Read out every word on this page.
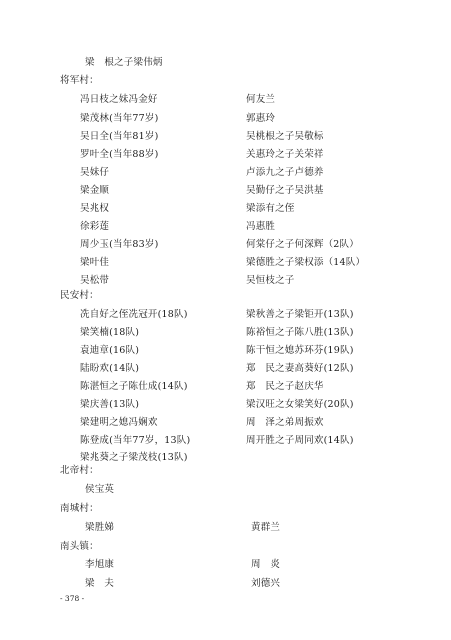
梁　根之子梁伟炳
将军村：
冯日枝之妹冯金好	何友兰
梁茂林(当年77岁)	郭惠玲
吴日全(当年81岁)	吴桃根之子吴敬标
罗叶全(当年88岁)	关惠玲之子关荣祥
吴妹仔	卢添九之子卢德养
梁金顺	吴勤仔之子吴洪基
吴兆权	梁添有之侄
徐彩莲	冯惠胜
周少玉(当年83岁)	何棠仔之子何深辉（2队）
梁叶佳	梁德胜之子梁权添（14队）
吴松带	吴恒枝之子
民安村：
冼自好之侄冼冠开(18队)	梁秋善之子梁钜开(13队)
梁笑楠(18队)	陈裕恒之子陈八胜(13队)
袁迪章(16队)	陈干恒之媳苏环芬(19队)
陆盼欢(14队)	郑　民之妻高葵好(12队)
陈湛恒之子陈仕成(14队)	郑　民之子赵庆华
梁庆善(13队)	梁汉旺之女梁笑好(20队)
梁建明之媳冯娴欢	周　泽之弟周振欢
陈登成(当年77岁，13队)	周开胜之子周同欢(14队)
梁兆葵之子梁茂枝(13队)
北帝村：
侯宝英
南城村：
梁胜娣	黄群兰
南头镇：
李旭康	周　炎
梁　夫	刘德兴
- 378 -
